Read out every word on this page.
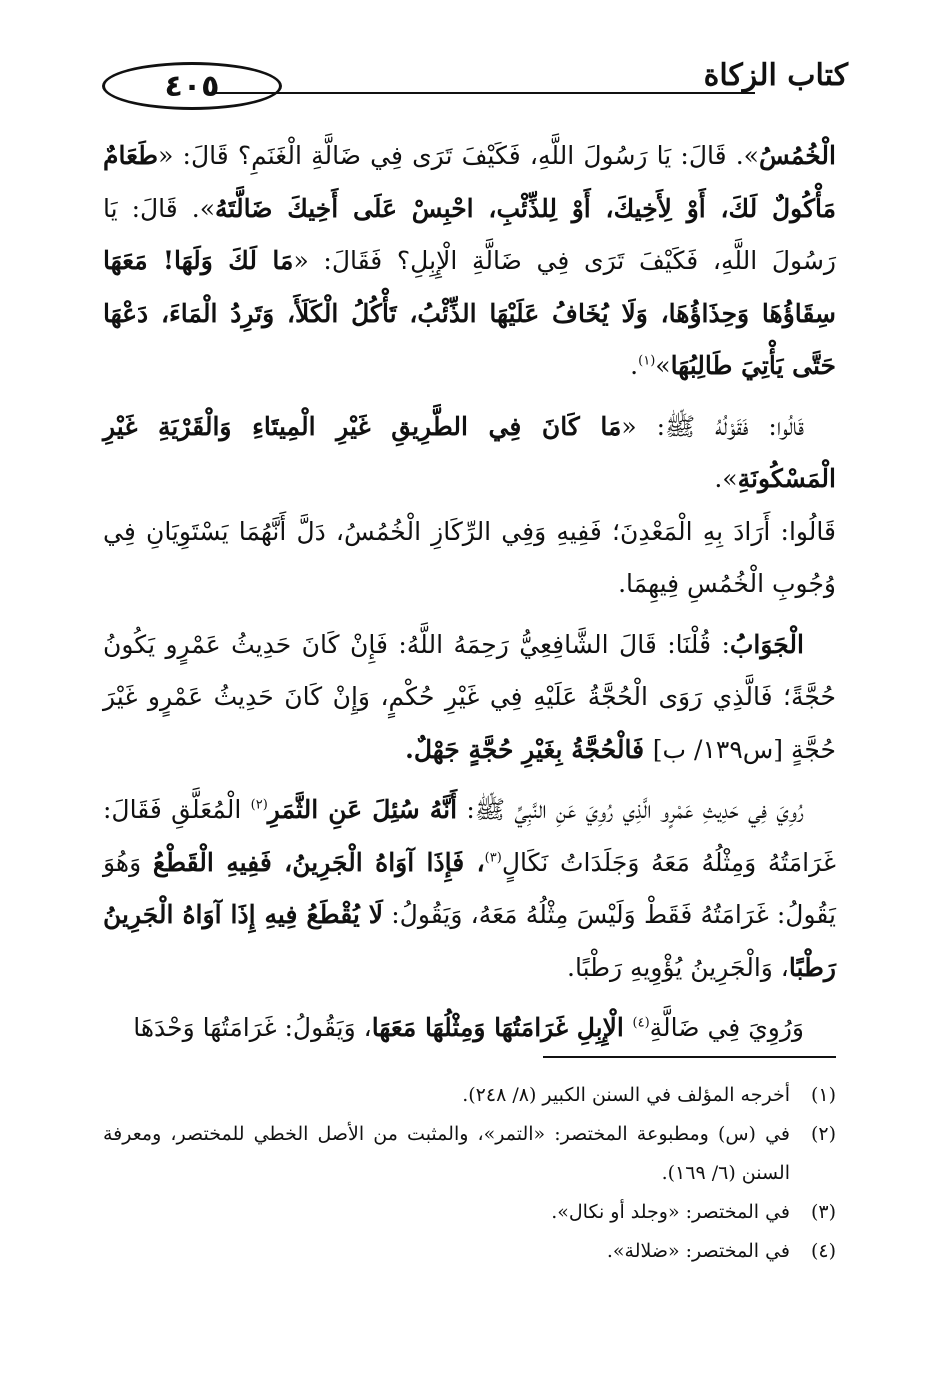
٤٠٥	كتاب الزكاة

الْخُمُسُ». قَالَ: يَا رَسُولَ اللَّهِ، فَكَيْفَ تَرَى فِي ضَالَّةِ الْغَنَمِ؟ قَالَ: «طَعَامٌ مَأْكُولٌ لَكَ، أَوْ لِأَخِيكَ، أَوْ لِلذِّئْبِ، احْبِسْ عَلَى أَخِيكَ ضَالَّتَهُ». قَالَ: يَا رَسُولَ اللَّهِ، فَكَيْفَ تَرَى فِي ضَالَّةِ الْإِبِلِ؟ فَقَالَ: «مَا لَكَ وَلَهَا! مَعَهَا سِقَاؤُهَا وَحِذَاؤُهَا، وَلَا يُخَافُ عَلَيْهَا الذِّئْبُ، تَأْكُلُ الْكَلَأَ، وَتَرِدُ الْمَاءَ، دَعْهَا حَتَّى يَأْتِيَ طَالِبُهَا»$^{(١)}$.

قَالُوا: فَقَوْلُهُ ﷺ: «مَا كَانَ فِي الطَّرِيقِ غَيْرِ الْمِيتَاءِ وَالْقَرْيَةِ غَيْرِ الْمَسْكُونَةِ».

قَالُوا: أَرَادَ بِهِ الْمَعْدِنَ؛ فَفِيهِ وَفِي الرِّكَازِ الْخُمُسُ، دَلَّ أَنَّهُمَا يَسْتَوِيَانِ فِي وُجُوبِ الْخُمُسِ فِيهِمَا.

الْجَوَابُ: قُلْنَا: قَالَ الشَّافِعِيُّ رَحِمَهُ اللَّهُ: فَإِنْ كَانَ حَدِيثُ عَمْرٍو يَكُونُ حُجَّةً؛ فَالَّذِي رَوَى الْحُجَّةُ عَلَيْهِ فِي غَيْرِ حُكْمٍ، وَإِنْ كَانَ حَدِيثُ عَمْرٍو غَيْرَ حُجَّةٍ [س١٣٩/ ب] فَالْحُجَّةُ بِغَيْرِ حُجَّةٍ جَهْلٌ.

رُوِيَ فِي حَدِيثِ عَمْرٍو الَّذِي رُوِيَ عَنِ النَّبِيِّ ﷺ: أَنَّهُ سُئِلَ عَنِ الثَّمَرِ$^{(٢)}$ الْمُعَلَّقِ فَقَالَ: غَرَامَتُهُ وَمِثْلُهُ مَعَهُ وَجَلَدَاتُ نَكَالٍ$^{(٣)}$، فَإِذَا آوَاهُ الْجَرِينُ، فَفِيهِ الْقَطْعُ وَهُوَ يَقُولُ: غَرَامَتُهُ فَقَطْ وَلَيْسَ مِثْلُهُ مَعَهُ، وَيَقُولُ: لَا يُقْطَعُ فِيهِ إِذَا آوَاهُ الْجَرِينُ رَطْبًا، وَالْجَرِينُ يُؤْوِيهِ رَطْبًا.

وَرُوِيَ فِي ضَالَّةِ$^{(٤)}$ الْإِبِلِ غَرَامَتُهَا وَمِثْلُهَا مَعَهَا، وَيَقُولُ: غَرَامَتُهَا وَحْدَهَا

(١)
أخرجه المؤلف في السنن الكبير (٨/ ٢٤٨).
(٢)
في (س) ومطبوعة المختصر: «التمر»، والمثبت من الأصل الخطي للمختصر، ومعرفة السنن (٦/ ١٦٩).
(٣)
في المختصر: «وجلد أو نكال».
(٤)
في المختصر: «ضلالة».
